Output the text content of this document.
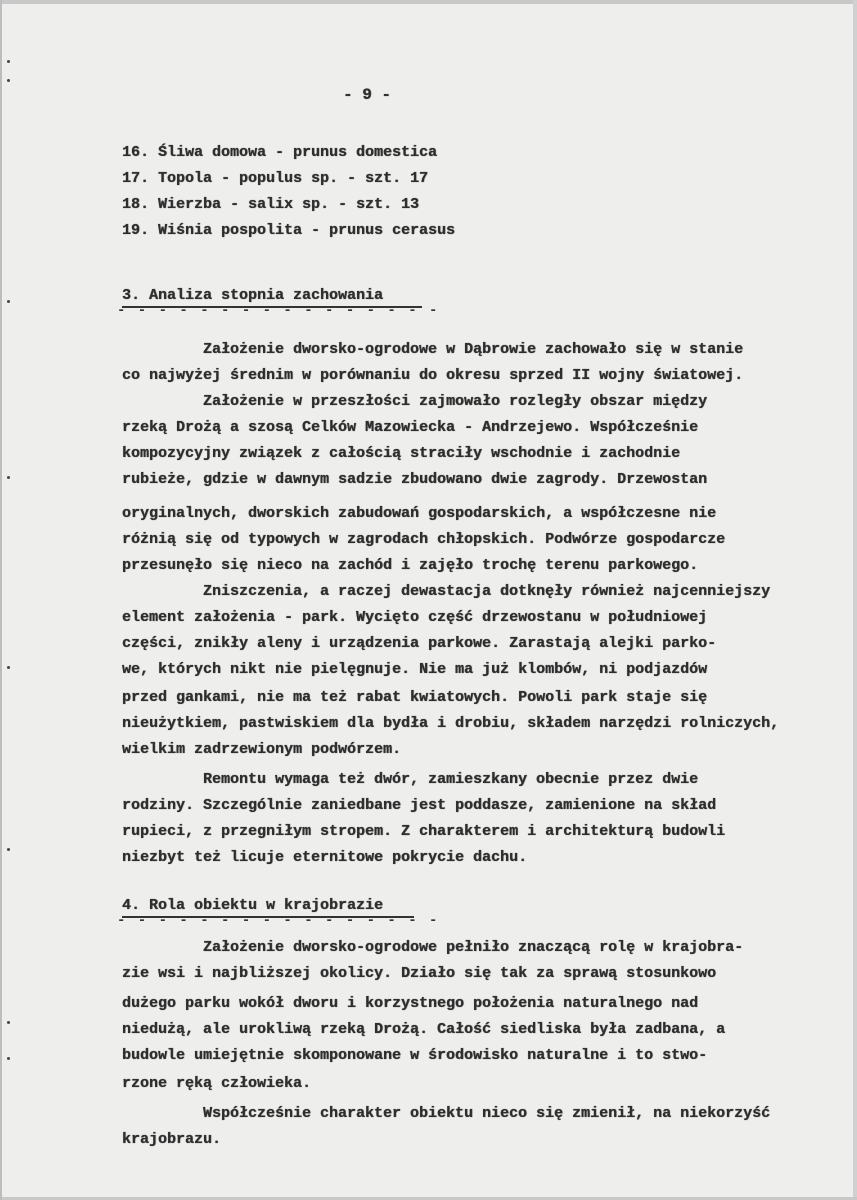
- 9 -
16. Śliwa domowa - prunus domestica
17. Topola - populus sp. - szt. 17
18. Wierzba - salix sp. - szt. 13
19. Wiśnia pospolita - prunus cerasus
3. Analiza stopnia zachowania
- - - - - - - - - - - - - - - -
Założenie dworsko-ogrodowe w Dąbrowie zachowało się w stanie
co najwyżej średnim w porównaniu do okresu sprzed II wojny światowej.
Założenie w przeszłości zajmowało rozległy obszar między
rzeką Drożą a szosą Celków Mazowiecka - Andrzejewo. Współcześnie
kompozycyjny związek z całością straciły wschodnie i zachodnie
rubieże, gdzie w dawnym sadzie zbudowano dwie zagrody. Drzewostan
oryginalnych, dworskich zabudowań gospodarskich, a współczesne nie
różnią się od typowych w zagrodach chłopskich. Podwórze gospodarcze
przesunęło się nieco na zachód i zajęło trochę terenu parkowego.
Zniszczenia, a raczej dewastacja dotknęły również najcenniejszy
element założenia - park. Wycięto część drzewostanu w południowej
części, znikły aleny i urządzenia parkowe. Zarastają alejki parko-
we, których nikt nie pielęgnuje. Nie ma już klombów, ni podjazdów
przed gankami, nie ma też rabat kwiatowych. Powoli park staje się
nieużytkiem, pastwiskiem dla bydła i drobiu, składem narzędzi rolniczych,
wielkim zadrzewionym podwórzem.
Remontu wymaga też dwór, zamieszkany obecnie przez dwie
rodziny. Szczególnie zaniedbane jest poddasze, zamienione na skład
rupieci, z przegniłym stropem. Z charakterem i architekturą budowli
niezbyt też licuje eternitowe pokrycie dachu.
4. Rola obiektu w krajobrazie
- - - - - - - - - - - - - - - -
Założenie dworsko-ogrodowe pełniło znaczącą rolę w krajobra-
zie wsi i najbliższej okolicy. Działo się tak za sprawą stosunkowo
dużego parku wokół dworu i korzystnego położenia naturalnego nad
niedużą, ale urokliwą rzeką Drożą. Całość siedliska była zadbana, a
budowle umiejętnie skomponowane w środowisko naturalne i to stwo-
rzone ręką człowieka.
Współcześnie charakter obiektu nieco się zmienił, na niekorzyść
krajobrazu.
